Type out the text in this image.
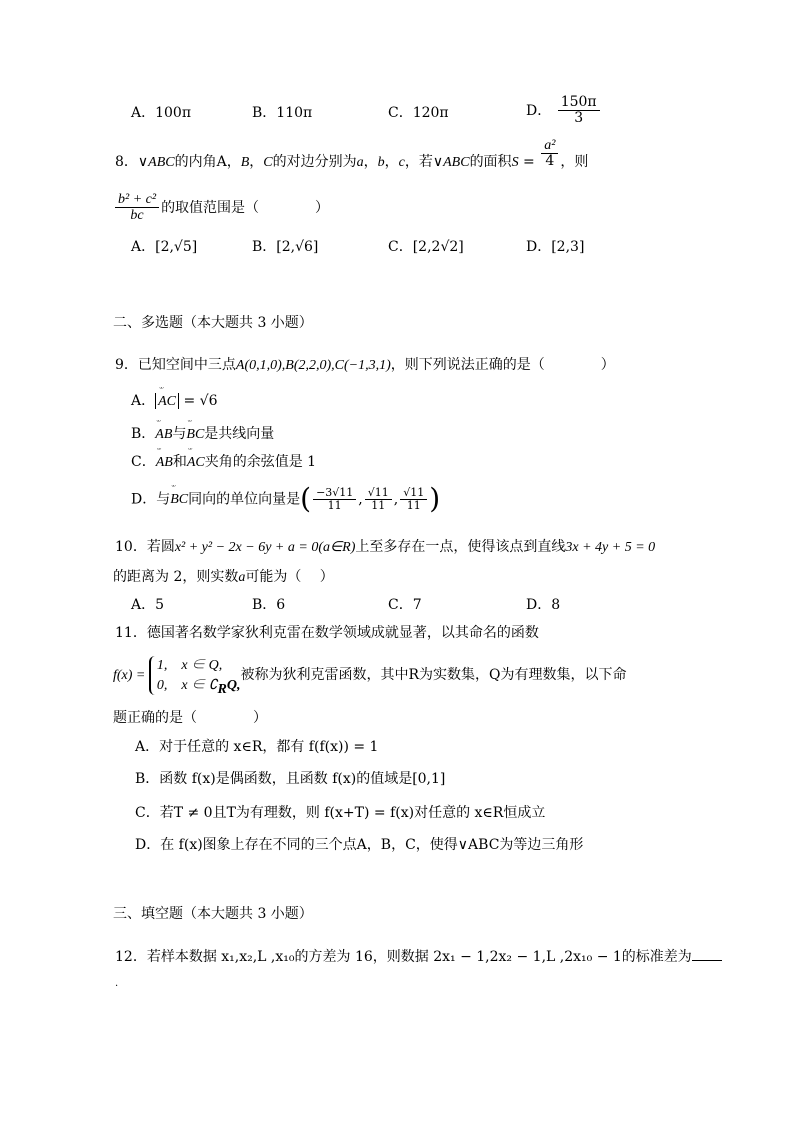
A．100π	B．110π	C．120π	D． $\frac{150\pi}{3}$
8．∨ABC的内角A，B，C的对边分别为a，b，c，若∨ABC的面积$S = \frac{\text{a²}}{4}$ ，则
$\frac{\text{b² + c²}}{bc}$ 的取值范围是（　　　　）
A．[2,√5]	B．[2,√6]	C．[2,2√2]	D．[2,3]
二、多选题（本大题共 3 小题）
9．已知空间中三点A(0,1,0),B(2,2,0),C(−1,3,1)，则下列说法正确的是（　　　　）
A．ᵕᵕ AC = √6
B．ᵕᵕ AB与ᵕᵕ BC是共线向量
C．ᵕᵕ AB和ᵕᵕ AC夹角的余弦值是 1
D．与ᵕᵕ BC同向的单位向量是( $\frac{-3√11}{11}$ , $\frac{√11}{11}$ , $\frac{√11}{11}$ )
10．若圆x² + y² − 2x − 6y + a = 0(a∈R)上至多存在一点，使得该点到直线3x + 4y + 5 = 0
的距离为 2，则实数a可能为（　 ）
A．5	B．6	C．7	D．8
11．德国著名数学家狄利克雷在数学领域成就显著，以其命名的函数
f(x) =
1,　x ∈ Q,
0,　x ∈ ∁RQ,
被称为狄利克雷函数，其中R为实数集，Q为有理数集，以下命
题正确的是（　　　　）
A．对于任意的 x∈R，都有 f(f(x)) = 1
B．函数 f(x)是偶函数，且函数 f(x)的值域是[0,1]
C．若T ≠ 0且T为有理数，则 f(x+T) = f(x)对任意的 x∈R恒成立
D．在 f(x)图象上存在不同的三个点A，B，C，使得∨ABC为等边三角形
三、填空题（本大题共 3 小题）
12．若样本数据 x₁,x₂,L ,x₁₀的方差为 16，则数据 2x₁ − 1,2x₂ − 1,L ,2x₁₀ − 1的标准差为
.
